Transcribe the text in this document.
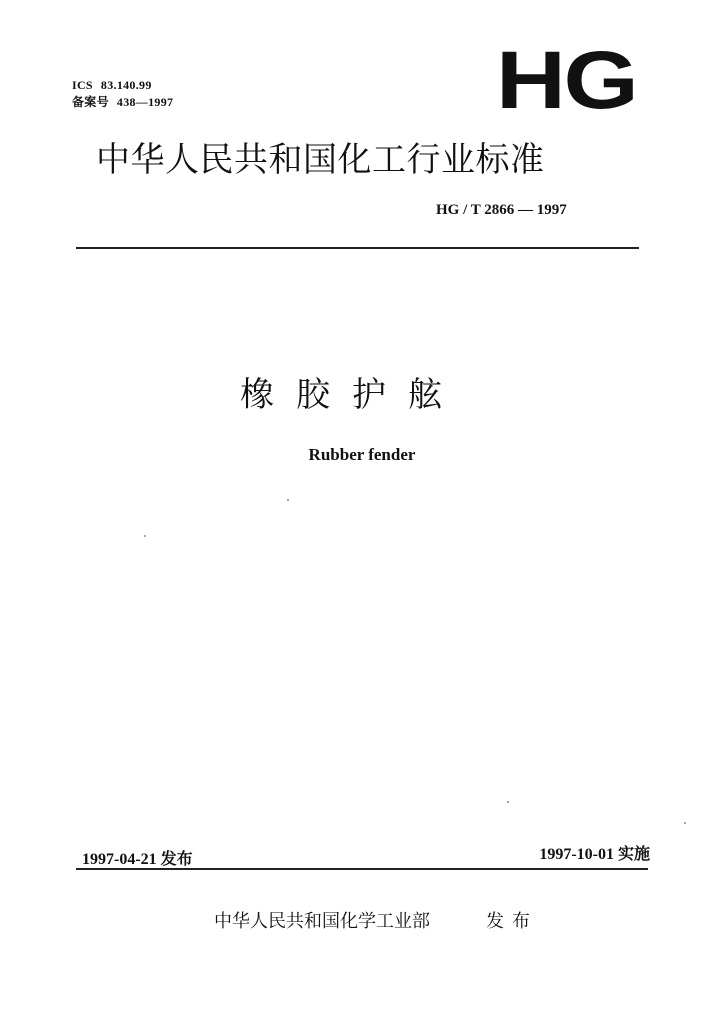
ICS 83.140.99
备案号 438—1997	HG
中华人民共和国化工行业标准
HG / T 2866 — 1997
橡胶护舷
Rubber fender
1997-04-21 发布	1997-10-01 实施
中华人民共和国化学工业部	发布
